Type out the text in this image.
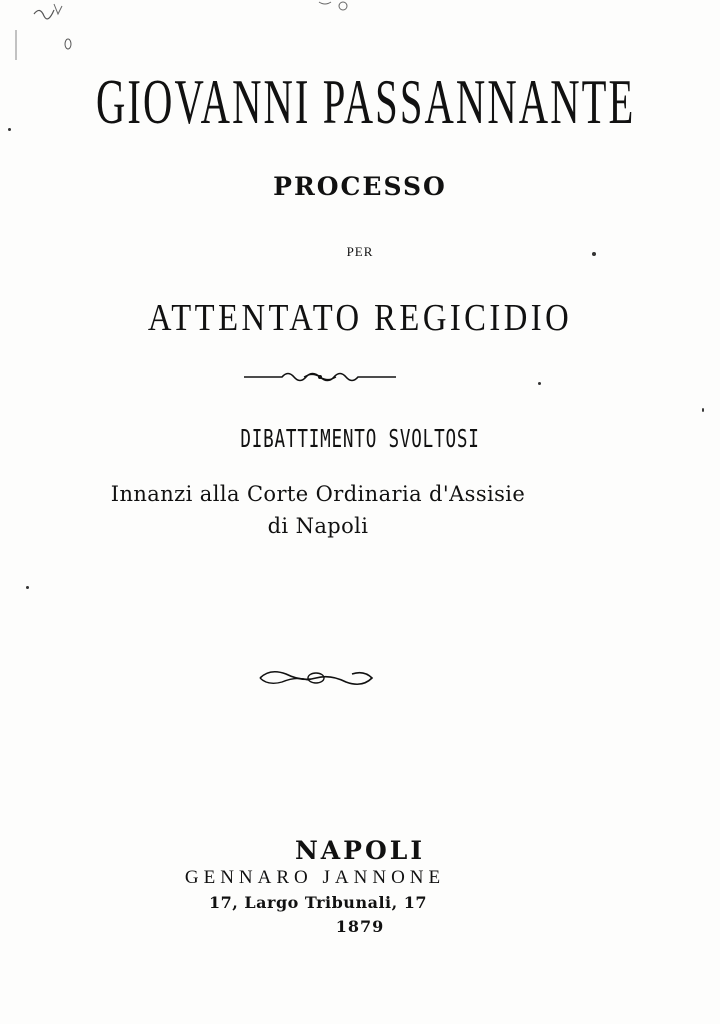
GIOVANNI PASSANNANTE
PROCESSO
PER
ATTENTATO REGICIDIO
DIBATTIMENTO SVOLTOSI
Innanzi alla Corte Ordinaria d'Assisie
di Napoli
NAPOLI
GENNARO JANNONE
17, Largo Tribunali, 17
1879
